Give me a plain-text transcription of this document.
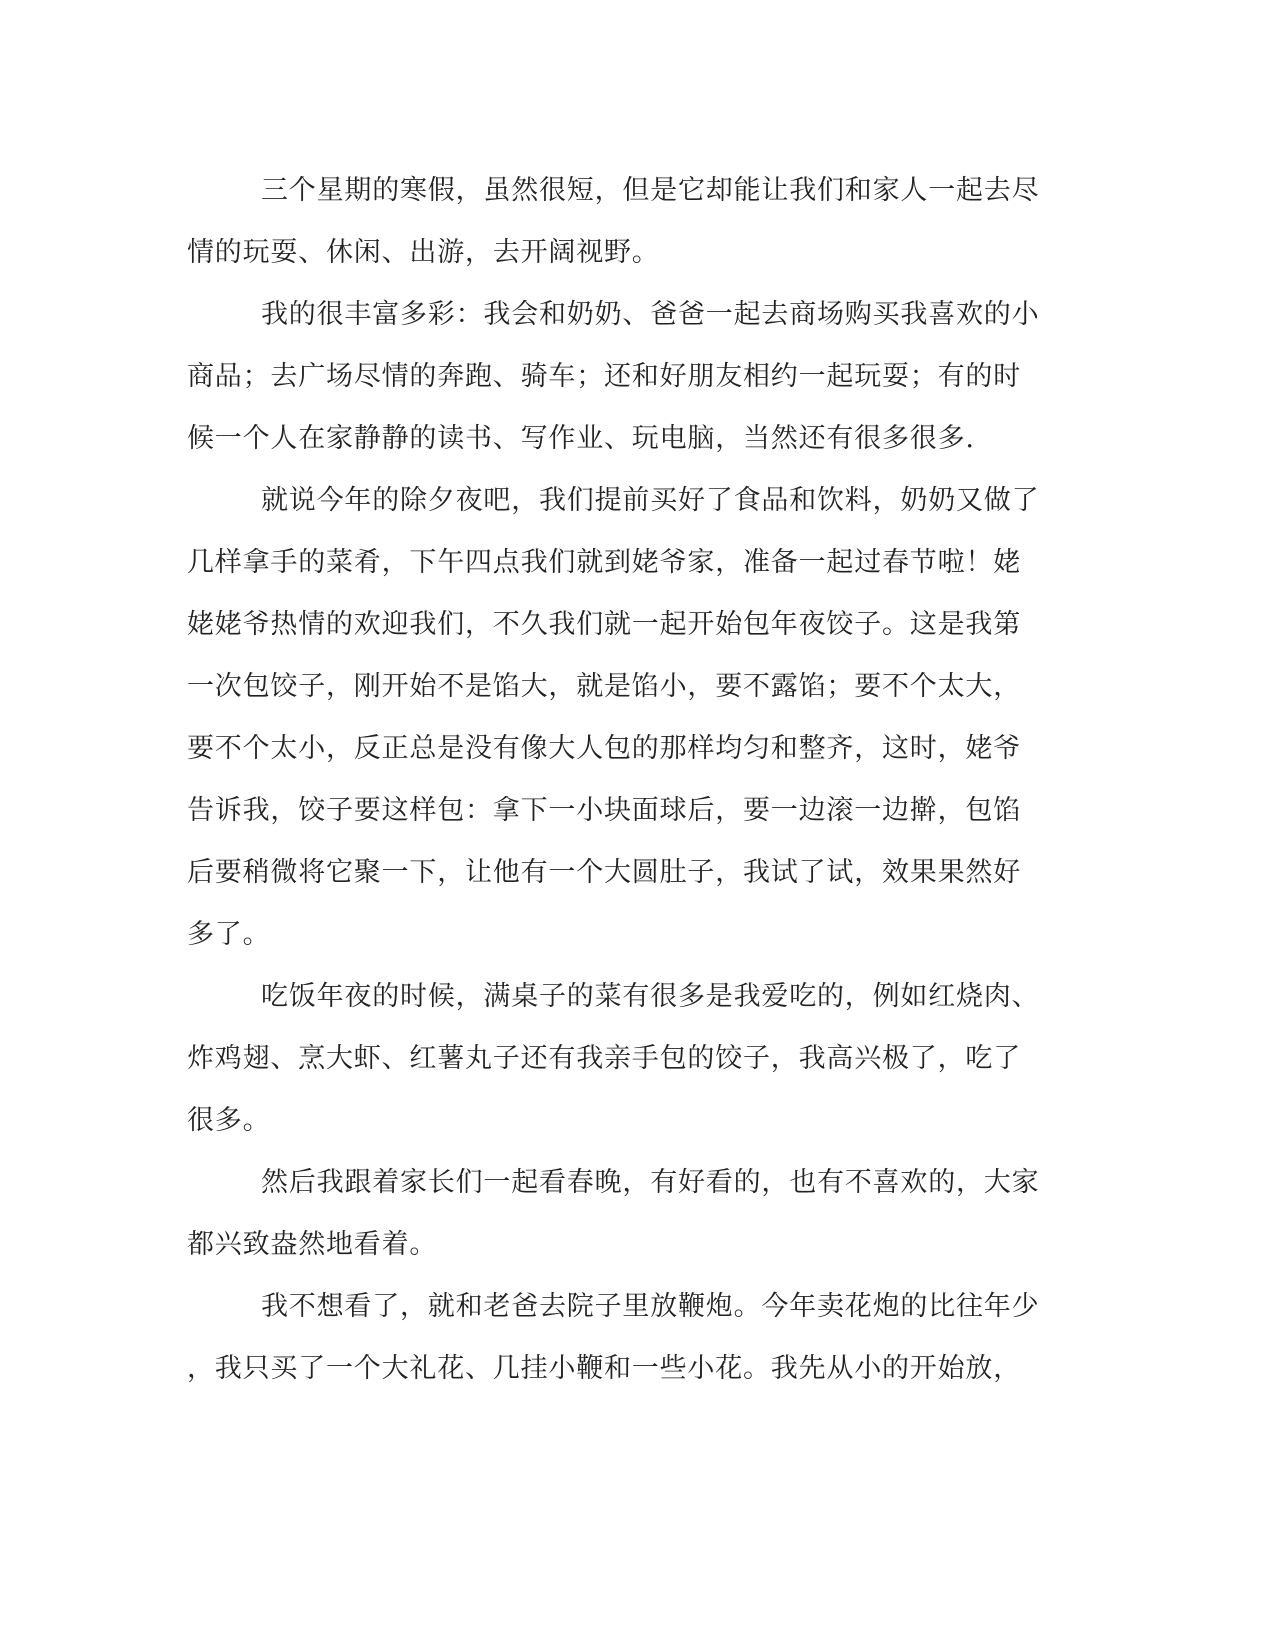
三个星期的寒假，虽然很短，但是它却能让我们和家人一起去尽
情的玩耍、休闲、出游，去开阔视野。
我的很丰富多彩：我会和奶奶、爸爸一起去商场购买我喜欢的小
商品；去广场尽情的奔跑、骑车；还和好朋友相约一起玩耍；有的时
候一个人在家静静的读书、写作业、玩电脑，当然还有很多很多.
就说今年的除夕夜吧，我们提前买好了食品和饮料，奶奶又做了
几样拿手的菜肴，下午四点我们就到姥爷家，准备一起过春节啦！姥
姥姥爷热情的欢迎我们，不久我们就一起开始包年夜饺子。这是我第
一次包饺子，刚开始不是馅大，就是馅小，要不露馅；要不个太大，
要不个太小，反正总是没有像大人包的那样均匀和整齐，这时，姥爷
告诉我，饺子要这样包：拿下一小块面球后，要一边滚一边擀，包馅
后要稍微将它聚一下，让他有一个大圆肚子，我试了试，效果果然好
多了。
吃饭年夜的时候，满桌子的菜有很多是我爱吃的，例如红烧肉、
炸鸡翅、烹大虾、红薯丸子还有我亲手包的饺子，我高兴极了，吃了
很多。
然后我跟着家长们一起看春晚，有好看的，也有不喜欢的，大家
都兴致盎然地看着。
我不想看了，就和老爸去院子里放鞭炮。今年卖花炮的比往年少
，我只买了一个大礼花、几挂小鞭和一些小花。我先从小的开始放，
